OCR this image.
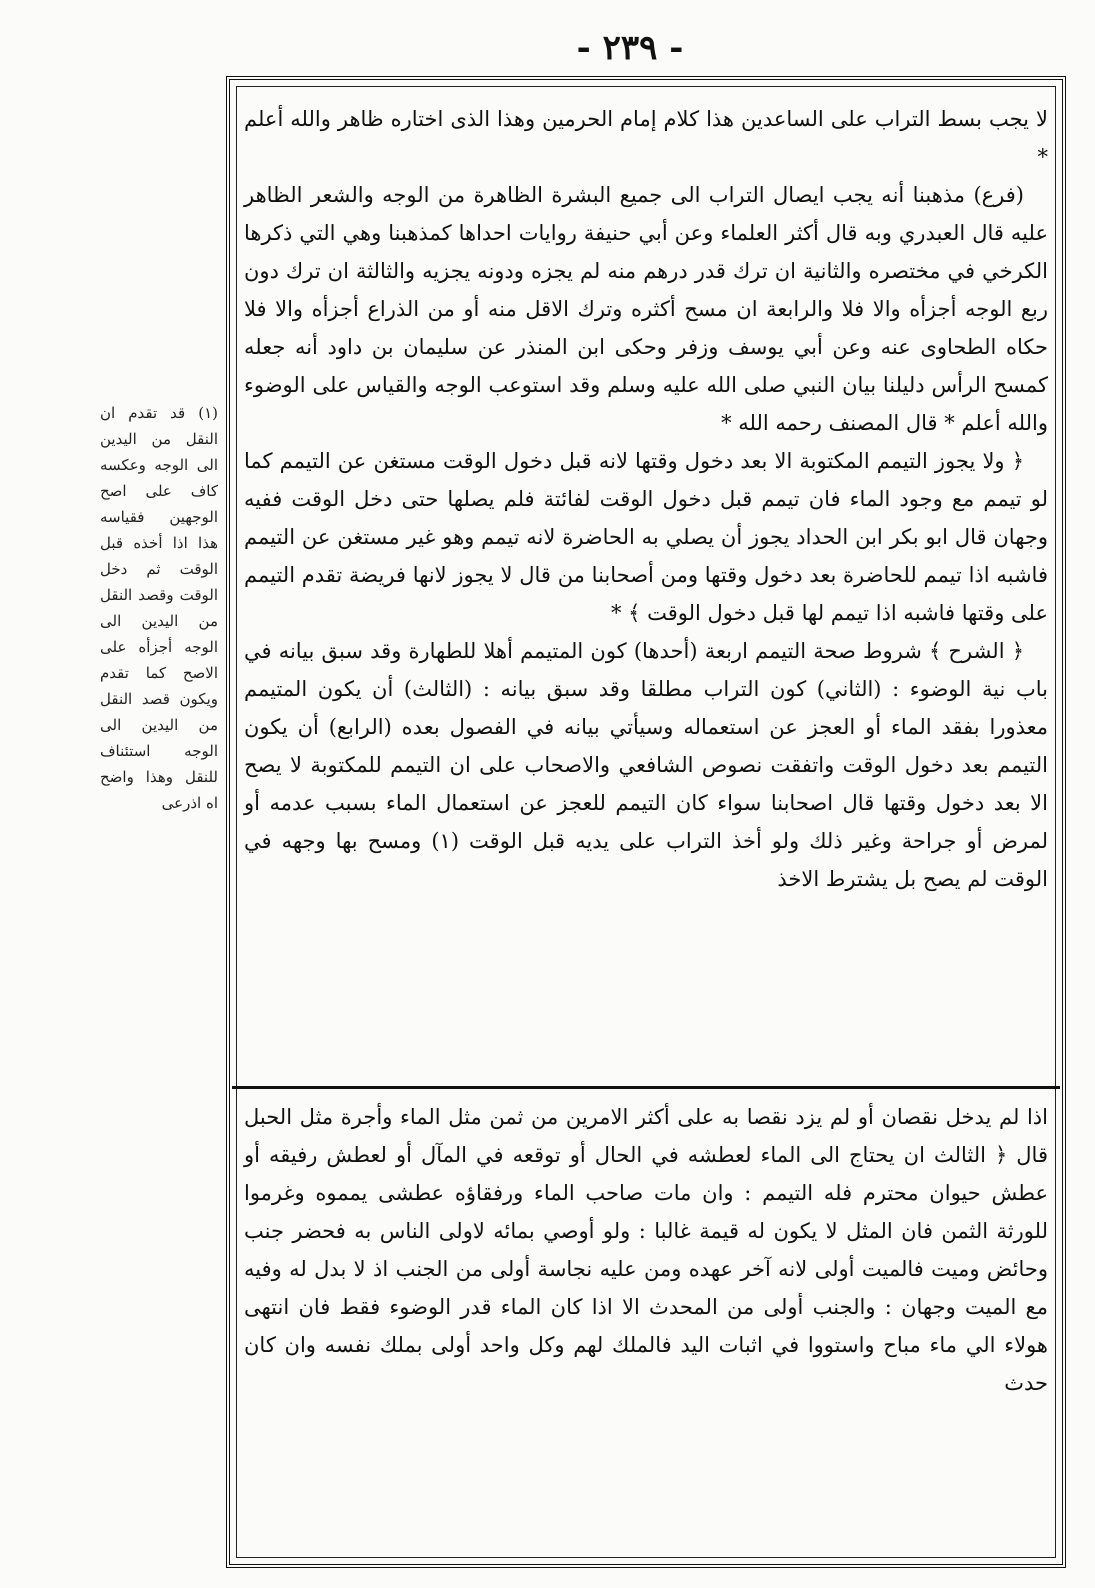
- ٢٣٩ -

لا يجب بسط التراب على الساعدين هذا كلام إمام الحرمين وهذا الذى اختاره ظاهر والله أعلم *

(فرع) مذهبنا أنه يجب ايصال التراب الى جميع البشرة الظاهرة من الوجه والشعر الظاهر عليه قال العبدري وبه قال أكثر العلماء وعن أبي حنيفة روايات احداها كمذهبنا وهي التي ذكرها الكرخي في مختصره والثانية ان ترك قدر درهم منه لم يجزه ودونه يجزيه والثالثة ان ترك دون ربع الوجه أجزأه والا فلا والرابعة ان مسح أكثره وترك الاقل منه أو من الذراع أجزأه والا فلا حكاه الطحاوى عنه وعن أبي يوسف وزفر وحكى ابن المنذر عن سليمان بن داود أنه جعله كمسح الرأس دليلنا بيان النبي صلى الله عليه وسلم وقد استوعب الوجه والقياس على الوضوء والله أعلم * قال المصنف رحمه الله *

﴿ ولا يجوز التيمم المكتوبة الا بعد دخول وقتها لانه قبل دخول الوقت مستغن عن التيمم كما لو تيمم مع وجود الماء فان تيمم قبل دخول الوقت لفائتة فلم يصلها حتى دخل الوقت ففيه وجهان قال ابو بكر ابن الحداد يجوز أن يصلي به الحاضرة لانه تيمم وهو غير مستغن عن التيمم فاشبه اذا تيمم للحاضرة بعد دخول وقتها ومن أصحابنا من قال لا يجوز لانها فريضة تقدم التيمم على وقتها فاشبه اذا تيمم لها قبل دخول الوقت ﴾ *

﴿ الشرح ﴾ شروط صحة التيمم اربعة (أحدها) كون المتيمم أهلا للطهارة وقد سبق بيانه في باب نية الوضوء : (الثاني) كون التراب مطلقا وقد سبق بيانه : (الثالث) أن يكون المتيمم معذورا بفقد الماء أو العجز عن استعماله وسيأتي بيانه في الفصول بعده (الرابع) أن يكون التيمم بعد دخول الوقت واتفقت نصوص الشافعي والاصحاب على ان التيمم للمكتوبة لا يصح الا بعد دخول وقتها قال اصحابنا سواء كان التيمم للعجز عن استعمال الماء بسبب عدمه أو لمرض أو جراحة وغير ذلك ولو أخذ التراب على يديه قبل الوقت (١) ومسح بها وجهه في الوقت لم يصح بل يشترط الاخذ

اذا لم يدخل نقصان أو لم يزد نقصا به على أكثر الامرين من ثمن مثل الماء وأجرة مثل الحبل قال ﴿ الثالث ان يحتاج الى الماء لعطشه في الحال أو توقعه في المآل أو لعطش رفيقه أو عطش حيوان محترم فله التيمم : وان مات صاحب الماء ورفقاؤه عطشى يمموه وغرموا للورثة الثمن فان المثل لا يكون له قيمة غالبا : ولو أوصي بمائه لاولى الناس به فحضر جنب وحائض وميت فالميت أولى لانه آخر عهده ومن عليه نجاسة أولى من الجنب اذ لا بدل له وفيه مع الميت وجهان : والجنب أولى من المحدث الا اذا كان الماء قدر الوضوء فقط فان انتهى هولاء الي ماء مباح واستووا في اثبات اليد فالملك لهم وكل واحد أولى بملك نفسه وان كان حدث

(١) قد تقدم ان النقل من اليدين الى الوجه وعكسه كاف على اصح الوجهين فقياسه هذا اذا أخذه قبل الوقت ثم دخل الوقت وقصد النقل من اليدين الى الوجه أجزأه على الاصح كما تقدم ويكون قصد النقل من اليدين الى الوجه استئناف للنقل وهذا واضح اه اذرعى
